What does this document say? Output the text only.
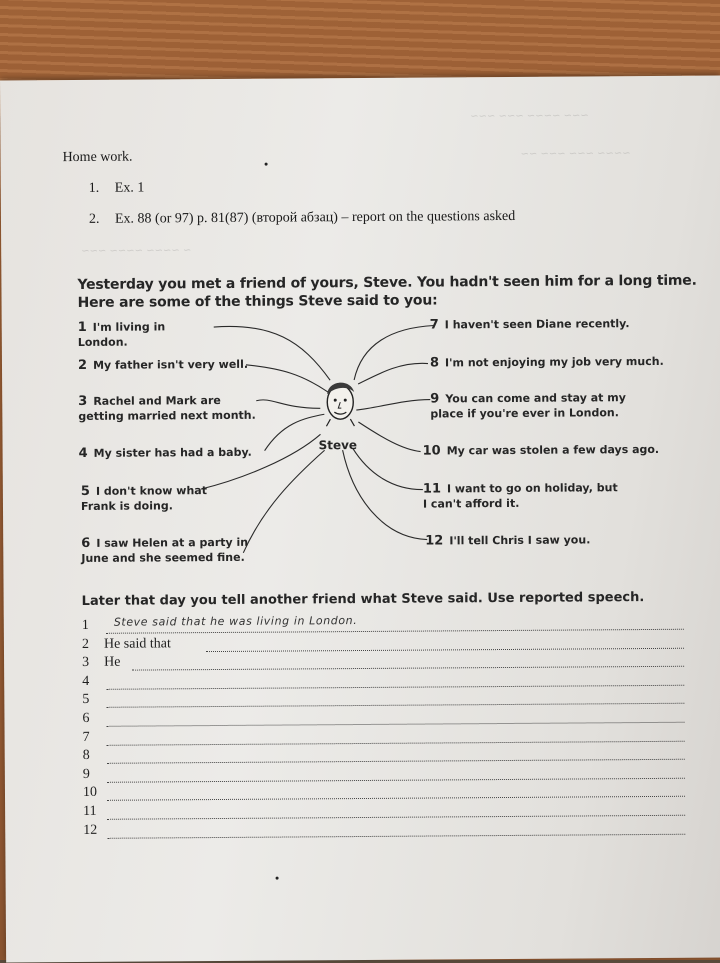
~~~ ~~~~ ~~~ ~~~
~~~~ ~~~ ~~~ ~~
~ ~~~~ ~~~~ ~~~
Home work.
1. Ex. 1
2. Ex. 88 (or 97) p. 81(87) (второй абзац) – report on the questions asked
Yesterday you met a friend of yours, Steve. You hadn't seen him for a long time. Here are some of the things Steve said to you:
Steve
1 I'm living in London.
2 My father isn't very well.
3 Rachel and Mark are getting married next month.
4 My sister has had a baby.
5 I don't know what Frank is doing.
6 I saw Helen at a party in June and she seemed fine.
7 I haven't seen Diane recently.
8 I'm not enjoying my job very much.
9 You can come and stay at my place if you're ever in London.
10 My car was stolen a few days ago.
11 I want to go on holiday, but I can't afford it.
12 I'll tell Chris I saw you.
Later that day you tell another friend what Steve said. Use reported speech.
1 Steve said that he was living in London.
2 He said that
3 He
4
5
6
7
8
9
10
11
12
